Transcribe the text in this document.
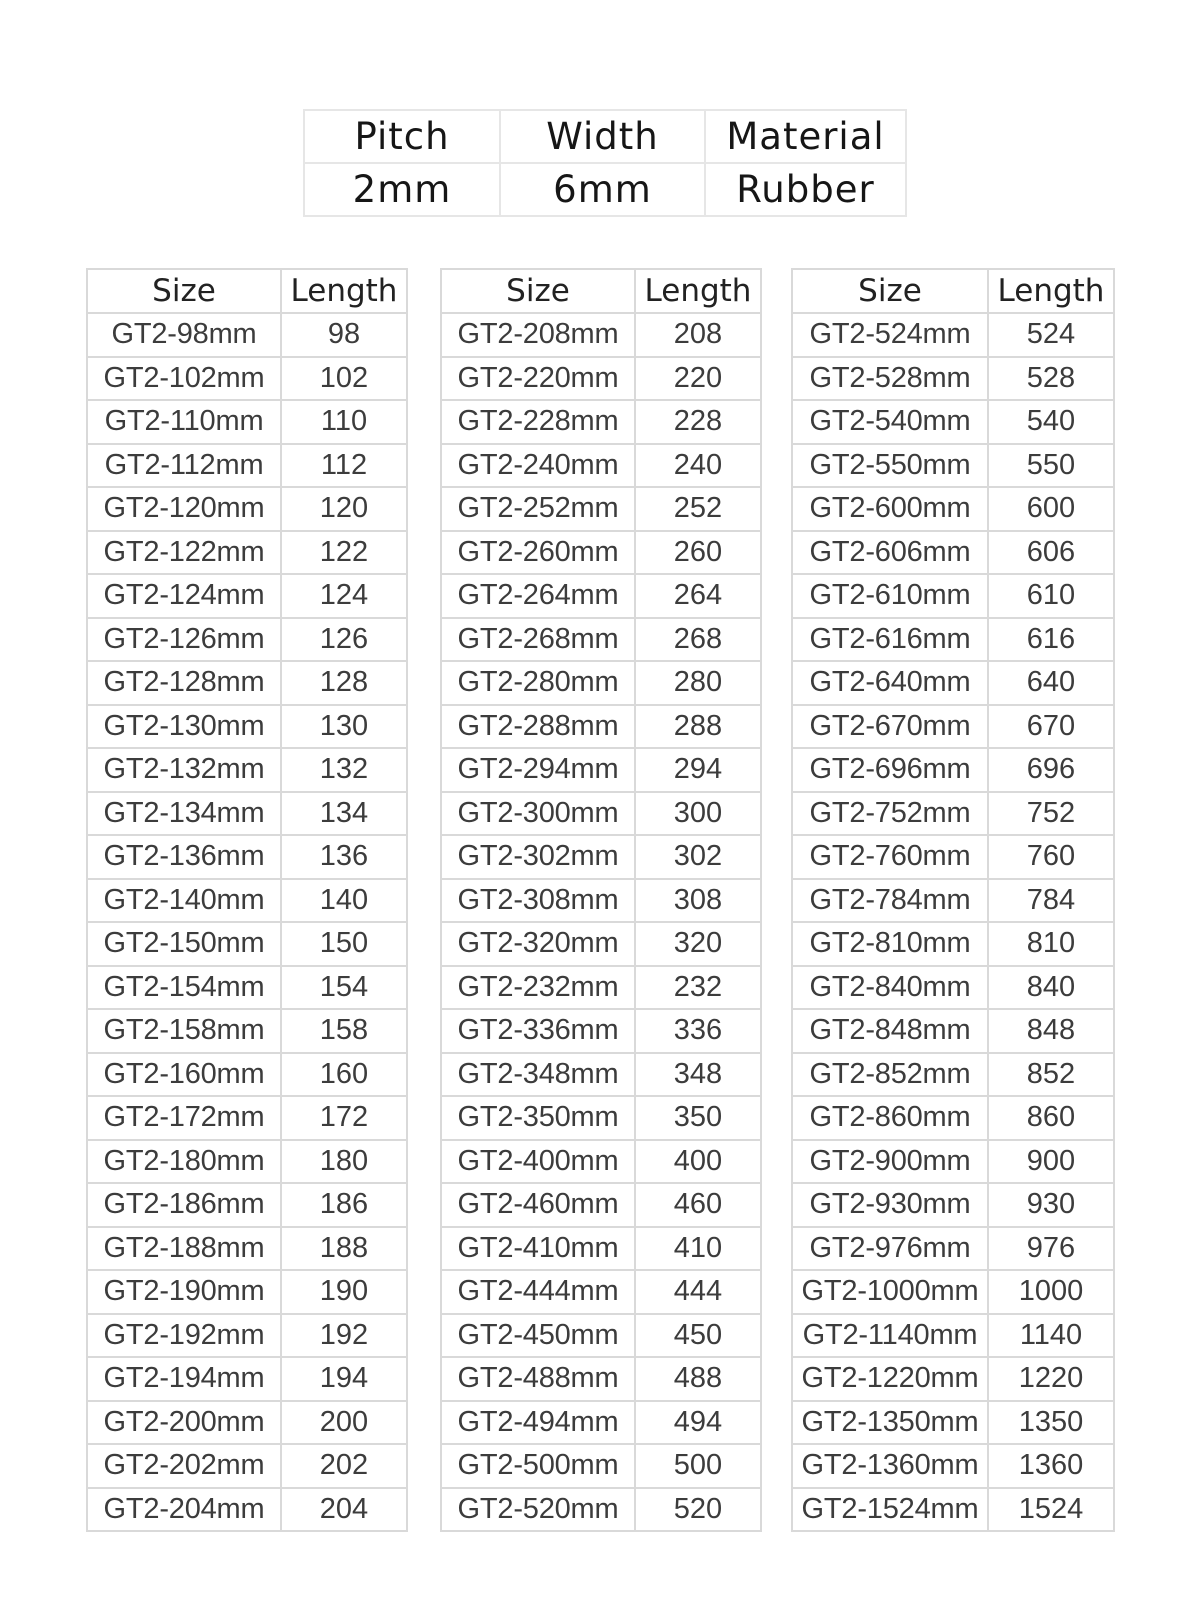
Pitch	Width	Material
2mm	6mm	Rubber
Size	Length
GT2-98mm	98
GT2-102mm	102
GT2-110mm	110
GT2-112mm	112
GT2-120mm	120
GT2-122mm	122
GT2-124mm	124
GT2-126mm	126
GT2-128mm	128
GT2-130mm	130
GT2-132mm	132
GT2-134mm	134
GT2-136mm	136
GT2-140mm	140
GT2-150mm	150
GT2-154mm	154
GT2-158mm	158
GT2-160mm	160
GT2-172mm	172
GT2-180mm	180
GT2-186mm	186
GT2-188mm	188
GT2-190mm	190
GT2-192mm	192
GT2-194mm	194
GT2-200mm	200
GT2-202mm	202
GT2-204mm	204
Size	Length
GT2-208mm	208
GT2-220mm	220
GT2-228mm	228
GT2-240mm	240
GT2-252mm	252
GT2-260mm	260
GT2-264mm	264
GT2-268mm	268
GT2-280mm	280
GT2-288mm	288
GT2-294mm	294
GT2-300mm	300
GT2-302mm	302
GT2-308mm	308
GT2-320mm	320
GT2-232mm	232
GT2-336mm	336
GT2-348mm	348
GT2-350mm	350
GT2-400mm	400
GT2-460mm	460
GT2-410mm	410
GT2-444mm	444
GT2-450mm	450
GT2-488mm	488
GT2-494mm	494
GT2-500mm	500
GT2-520mm	520
Size	Length
GT2-524mm	524
GT2-528mm	528
GT2-540mm	540
GT2-550mm	550
GT2-600mm	600
GT2-606mm	606
GT2-610mm	610
GT2-616mm	616
GT2-640mm	640
GT2-670mm	670
GT2-696mm	696
GT2-752mm	752
GT2-760mm	760
GT2-784mm	784
GT2-810mm	810
GT2-840mm	840
GT2-848mm	848
GT2-852mm	852
GT2-860mm	860
GT2-900mm	900
GT2-930mm	930
GT2-976mm	976
GT2-1000mm	1000
GT2-1140mm	1140
GT2-1220mm	1220
GT2-1350mm	1350
GT2-1360mm	1360
GT2-1524mm	1524
